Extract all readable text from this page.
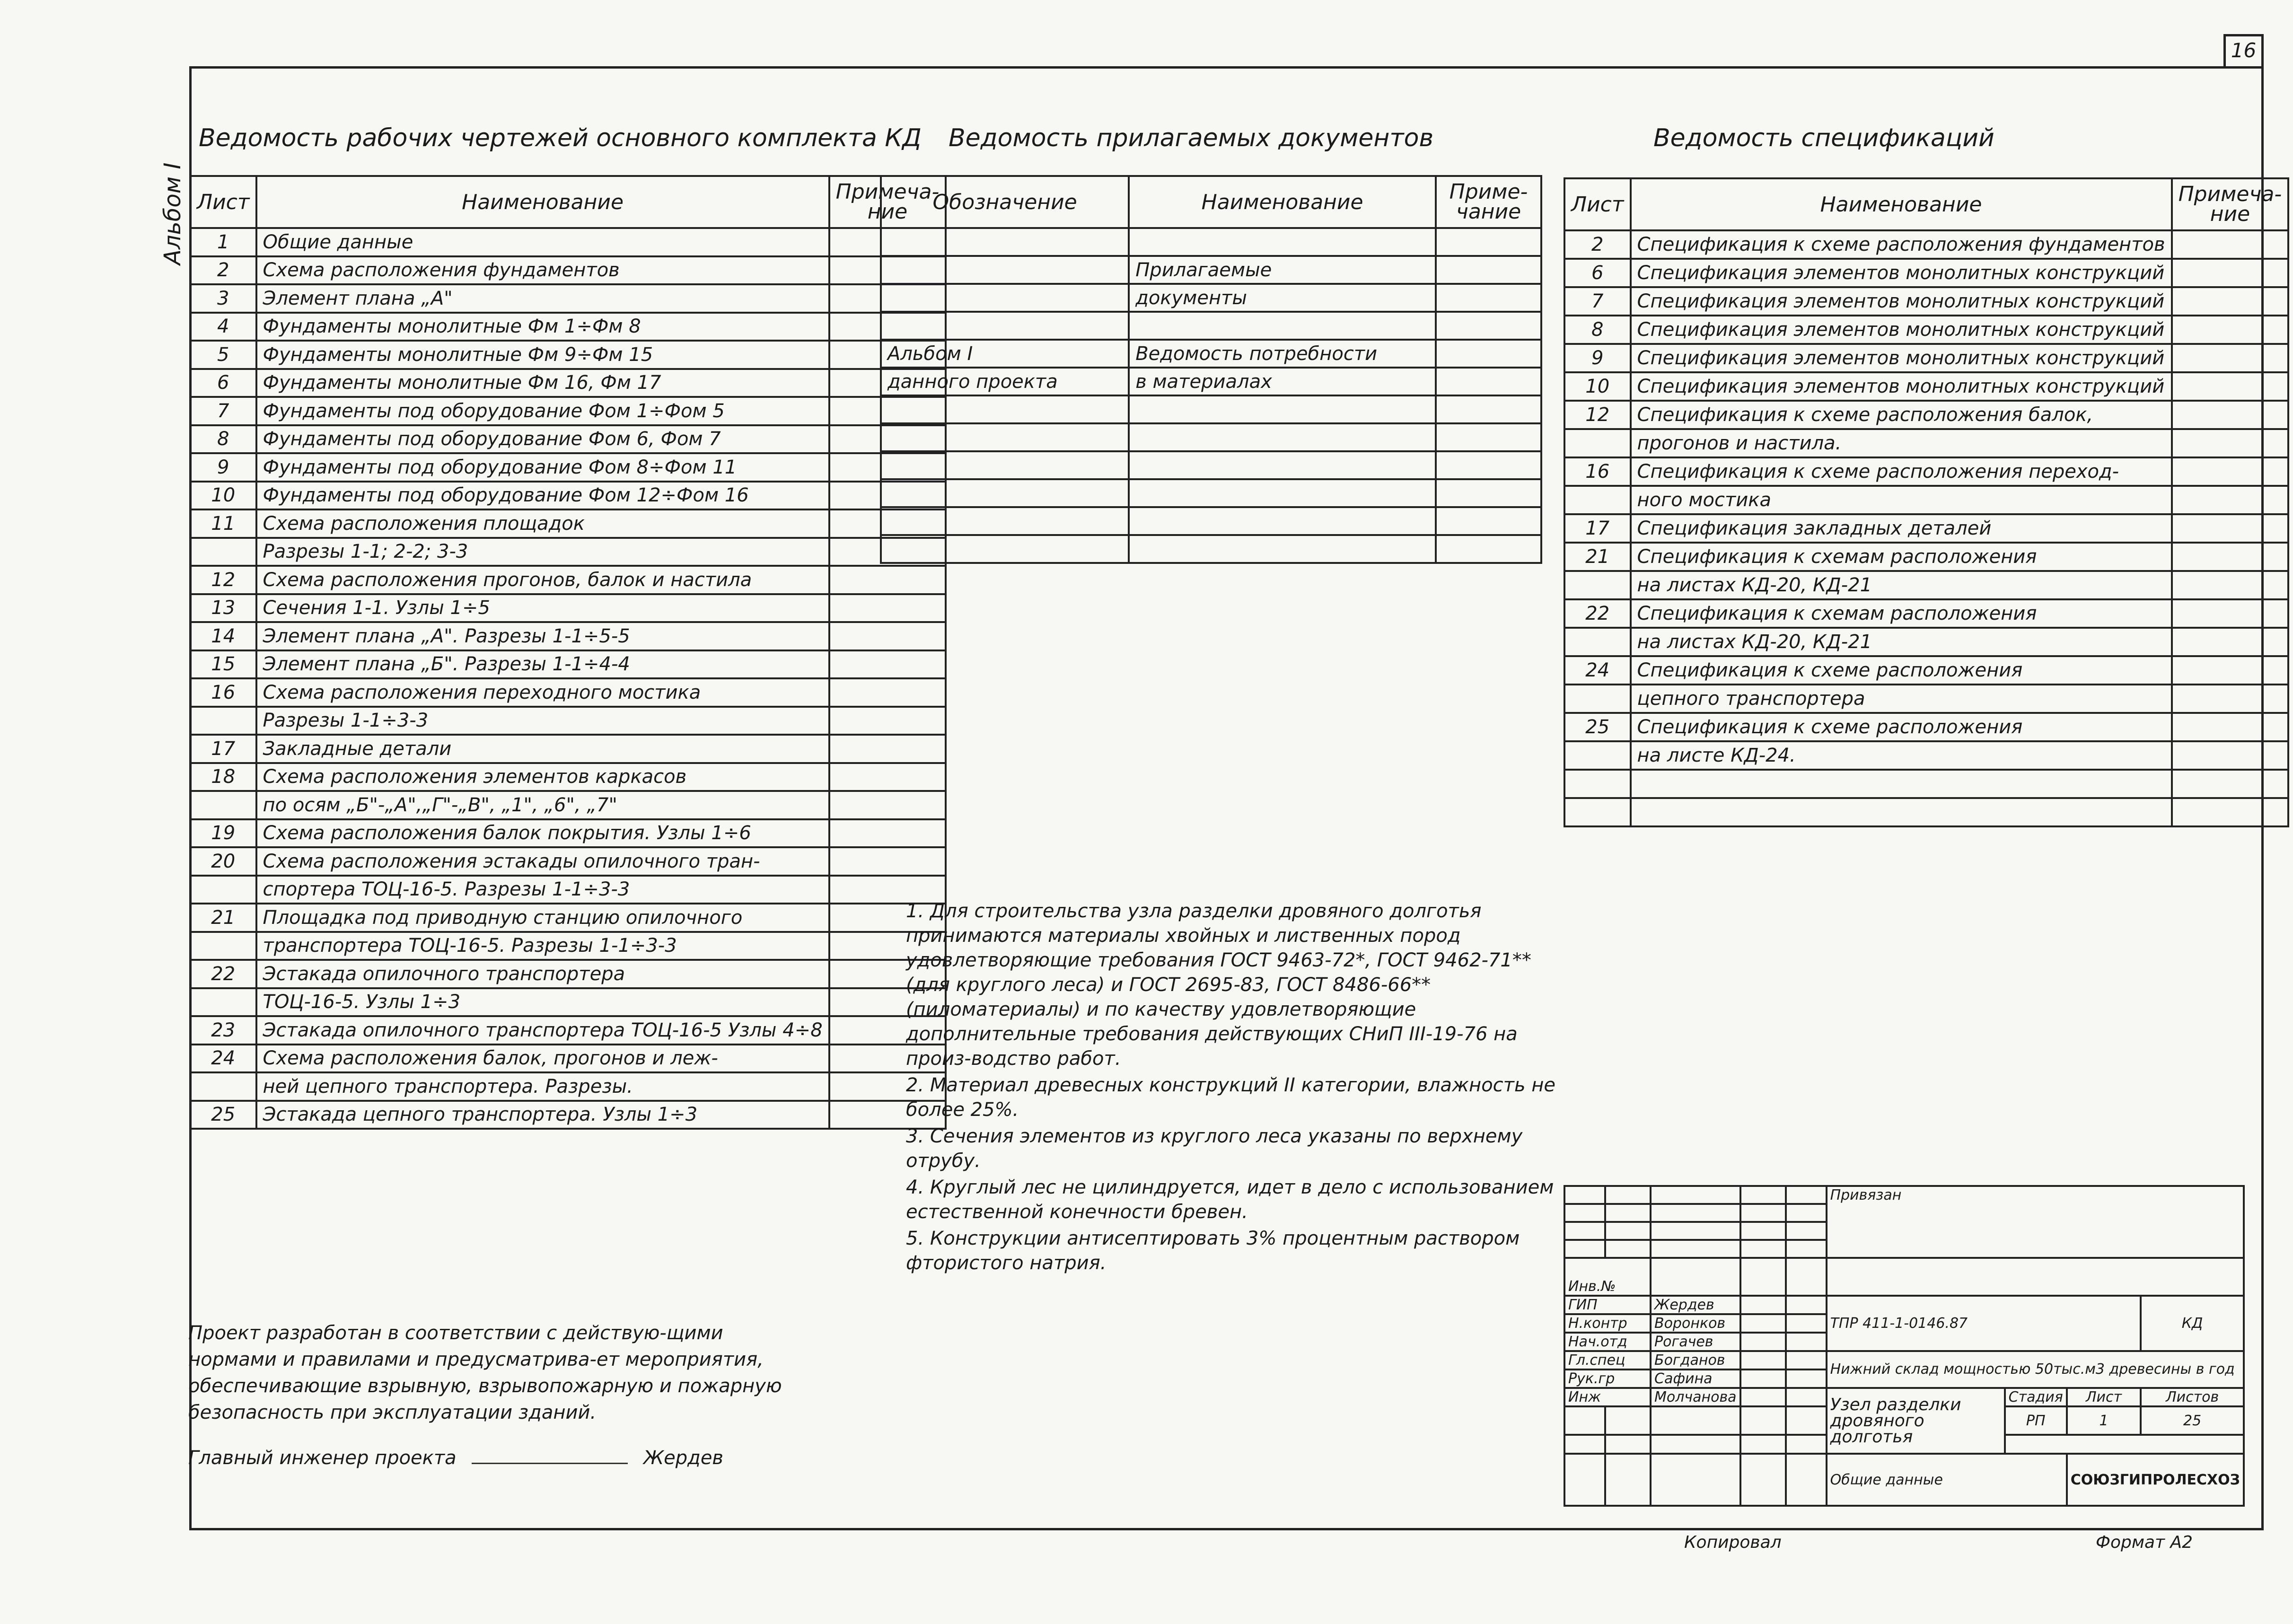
16
Альбом I
Ведомость рабочих чертежей основного комплекта КД
Лист	Наименование	Примеча-ние
1	Общие данные	
2	Схема расположения фундаментов	
3	Элемент плана „А"	
4	Фундаменты монолитные Фм 1÷Фм 8	
5	Фундаменты монолитные Фм 9÷Фм 15	
6	Фундаменты монолитные Фм 16, Фм 17	
7	Фундаменты под оборудование Фом 1÷Фом 5	
8	Фундаменты под оборудование Фом 6, Фом 7	
9	Фундаменты под оборудование Фом 8÷Фом 11	
10	Фундаменты под оборудование Фом 12÷Фом 16	
11	Схема расположения площадок	
	Разрезы 1-1; 2-2; 3-3	
12	Схема расположения прогонов, балок и настила	
13	Сечения 1-1. Узлы 1÷5	
14	Элемент плана „А". Разрезы 1-1÷5-5	
15	Элемент плана „Б". Разрезы 1-1÷4-4	
16	Схема расположения переходного мостика	
	Разрезы 1-1÷3-3	
17	Закладные детали	
18	Схема расположения элементов каркасов	
	по осям „Б"-„А",„Г"-„В", „1", „6", „7"	
19	Схема расположения балок покрытия. Узлы 1÷6	
20	Схема расположения эстакады опилочного тран-	
	спортера ТОЦ-16-5. Разрезы 1-1÷3-3	
21	Площадка под приводную станцию опилочного	
	транспортера ТОЦ-16-5. Разрезы 1-1÷3-3	
22	Эстакада опилочного транспортера	
	ТОЦ-16-5. Узлы 1÷3	
23	Эстакада опилочного транспортера ТОЦ-16-5 Узлы 4÷8	
24	Схема расположения балок, прогонов и леж-	
	ней цепного транспортера. Разрезы.	
25	Эстакада цепного транспортера. Узлы 1÷3	
Ведомость прилагаемых документов
Обозначение	Наименование	Приме-чание

	Прилагаемые	
	документы	

Альбом I	Ведомость потребности	
данного проекта	в материалах	

Ведомость спецификаций
Лист	Наименование	Примеча-ние
2	Спецификация к схеме расположения фундаментов	
6	Спецификация элементов монолитных конструкций	
7	Спецификация элементов монолитных конструкций	
8	Спецификация элементов монолитных конструкций	
9	Спецификация элементов монолитных конструкций	
10	Спецификация элементов монолитных конструкций	
12	Спецификация к схеме расположения балок,	
	прогонов и настила.	
16	Спецификация к схеме расположения переход-	
	ного мостика	
17	Спецификация закладных деталей	
21	Спецификация к схемам расположения	
	на листах КД-20, КД-21	
22	Спецификация к схемам расположения	
	на листах КД-20, КД-21	
24	Спецификация к схеме расположения	
	цепного транспортера	
25	Спецификация к схеме расположения	
	на листе КД-24.	

1. Для строительства узла разделки дровяного долготья принимаются материалы хвойных и лиственных пород удовлетворяющие требования ГОСТ 9463-72*, ГОСТ 9462-71** (для круглого леса) и ГОСТ 2695-83, ГОСТ 8486-66** (пиломатериалы) и по качеству удовлетворяющие дополнительные требования действующих СНиП III-19-76 на произ-водство работ.

2. Материал древесных конструкций II категории, влажность не более 25%.

3. Сечения элементов из круглого леса указаны по верхнему отрубу.

4. Круглый лес не цилиндруется, идет в дело с использованием естественной конечности бревен.

5. Конструкции антисептировать 3% процентным раствором фтористого натрия.

Проект разработан в соответствии с действую-щими нормами и правилами и предусматрива-ет мероприятия, обеспечивающие взрывную, взрывопожарную и пожарную безопасность при эксплуатации зданий.
Главный инженер проекта	Жердев
					Привязан			

Инв.№								
ГИП		Жердев			ТПР 411-1-0146.87			КД
Н.контр		Воронков						
Нач.отд		Рогачев						
Гл.спец		Богданов			Нижний склад мощностью 50тыс.м3 древесины в год			
Рук.гр		Сафина						
Инж		Молчанова			Узел разделки дровяного долготья	Стадия	Лист	Листов
						РП	1	25

					Общие данные		СОЮЗГИПРОЛЕСХОЗ	
Копировал	Формат А2
